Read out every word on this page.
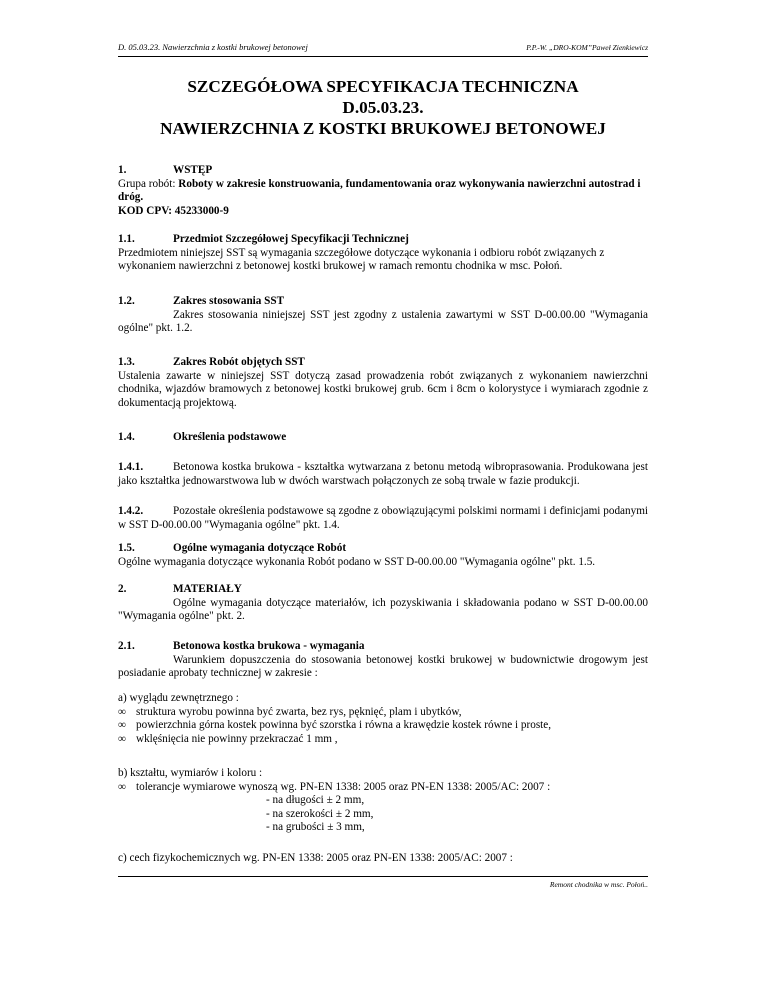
D. 05.03.23. Nawierzchnia z kostki brukowej betonowej	P.P.-W. „DRO-KOM”Paweł Zienkiewicz
SZCZEGÓŁOWA SPECYFIKACJA TECHNICZNA
D.05.03.23.
NAWIERZCHNIA Z KOSTKI BRUKOWEJ BETONOWEJ
1.	WSTĘP
Grupa robót: Roboty w zakresie konstruowania, fundamentowania oraz wykonywania nawierzchni autostrad i dróg.
KOD CPV: 45233000-9
1.1.	Przedmiot Szczegółowej Specyfikacji Technicznej
Przedmiotem niniejszej SST są wymagania szczegółowe dotyczące wykonania i odbioru robót związanych z wykonaniem nawierzchni z betonowej kostki brukowej w ramach remontu chodnika w msc. Połoń.
1.2.	Zakres stosowania SST
Zakres stosowania niniejszej SST jest zgodny z ustalenia zawartymi w SST D-00.00.00 "Wymagania ogólne" pkt. 1.2.
1.3.	Zakres Robót objętych SST
Ustalenia zawarte w niniejszej SST dotyczą zasad prowadzenia robót związanych z wykonaniem nawierzchni chodnika, wjazdów bramowych z betonowej kostki brukowej grub. 6cm i 8cm o kolorystyce i wymiarach zgodnie z dokumentacją projektową.
1.4.	Określenia podstawowe
1.4.1.	Betonowa kostka brukowa - kształtka wytwarzana z betonu metodą wibroprasowania. Produkowana jest jako kształtka jednowarstwowa lub w dwóch warstwach połączonych ze sobą trwale w fazie produkcji.
1.4.2.	Pozostałe określenia podstawowe są zgodne z obowiązującymi polskimi normami i definicjami podanymi w SST D-00.00.00 "Wymagania ogólne" pkt. 1.4.
1.5.	Ogólne wymagania dotyczące Robót
Ogólne wymagania dotyczące wykonania Robót podano w SST D-00.00.00 "Wymagania ogólne" pkt. 1.5.
2.	MATERIAŁY
Ogólne wymagania dotyczące materiałów, ich pozyskiwania i składowania podano w SST D-00.00.00 "Wymagania ogólne" pkt. 2.
2.1.	Betonowa kostka brukowa - wymagania
Warunkiem dopuszczenia do stosowania betonowej kostki brukowej w budownictwie drogowym jest posiadanie aprobaty technicznej w zakresie :
a) wyglądu zewnętrznego :
∞ struktura wyrobu powinna być zwarta, bez rys, pęknięć, plam i ubytków,
∞ powierzchnia górna kostek powinna być szorstka i równa a krawędzie kostek równe i proste,
∞ wklęśnięcia nie powinny przekraczać 1 mm ,
b) kształtu, wymiarów i koloru :
∞ tolerancje wymiarowe wynoszą wg. PN-EN 1338: 2005 oraz PN-EN 1338: 2005/AC: 2007 :
- na długości ± 2 mm,
- na szerokości ± 2 mm,
- na grubości ± 3 mm,
c) cech fizykochemicznych wg. PN-EN 1338: 2005 oraz PN-EN 1338: 2005/AC: 2007 :
Remont chodnika w msc. Połoń..
